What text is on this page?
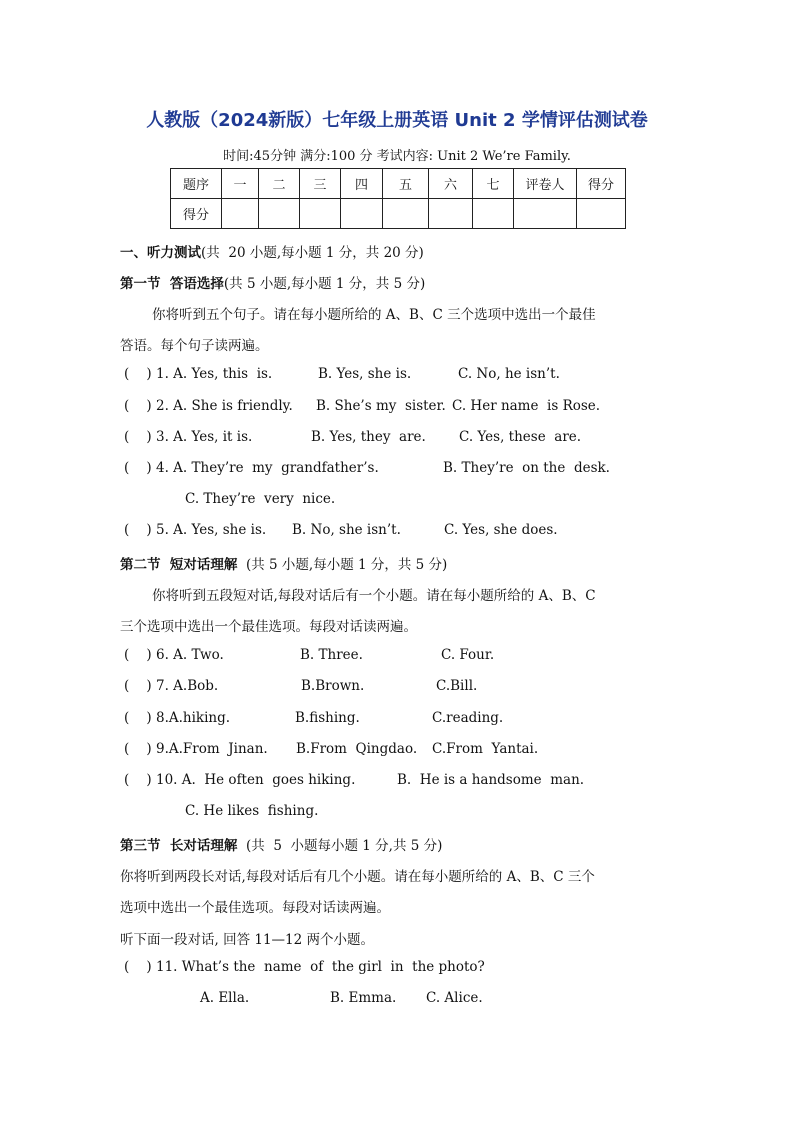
人教版（2024新版）七年级上册英语 Unit 2 学情评估测试卷
时间:45分钟 满分:100 分 考试内容: Unit 2 We’re Family.
题序	一	二	三	四	五	六	七	评卷人	得分
得分									
一、听力测试(共  20 小题,每小题 1 分，共 20 分)
第一节  答语选择(共 5 小题,每小题 1 分，共 5 分)
你将听到五个句子。请在每小题所给的 A、B、C 三个选项中选出一个最佳
答语。每个句子读两遍。
(    ) 1. A. Yes, this  is.	B. Yes, she is.	C. No, he isn’t.
(    ) 2. A. She is friendly. B. She’s my  sister. C. Her name  is Rose.
(    ) 3. A. Yes, it is.	B. Yes, they  are. C. Yes, these  are.
(    ) 4. A. They’re  my  grandfather’s.	B. They’re  on the  desk.
C. They’re  very  nice.
(    ) 5. A. Yes, she is. B. No, she isn’t.	C. Yes, she does.
第二节  短对话理解  (共 5 小题,每小题 1 分，共 5 分)
你将听到五段短对话,每段对话后有一个小题。请在每小题所给的 A、B、C
三个选项中选出一个最佳选项。每段对话读两遍。
(    ) 6. A. Two.	B. Three.	C. Four.
(    ) 7. A.Bob.	B.Brown.	C.Bill.
(    ) 8.A.hiking.	B.fishing.	C.reading.
(    ) 9.A.From  Jinan. B.From  Qingdao. C.From  Yantai.
(    ) 10. A.  He often  goes hiking.	B.  He is a handsome  man.
C. He likes  fishing.
第三节  长对话理解  (共  5  小题每小题 1 分,共 5 分)
你将听到两段长对话,每段对话后有几个小题。请在每小题所给的 A、B、C 三个
选项中选出一个最佳选项。每段对话读两遍。
听下面一段对话, 回答 11—12 两个小题。
(    ) 11. What’s the  name  of  the girl  in  the photo?
A. Ella.	B. Emma. C. Alice.
